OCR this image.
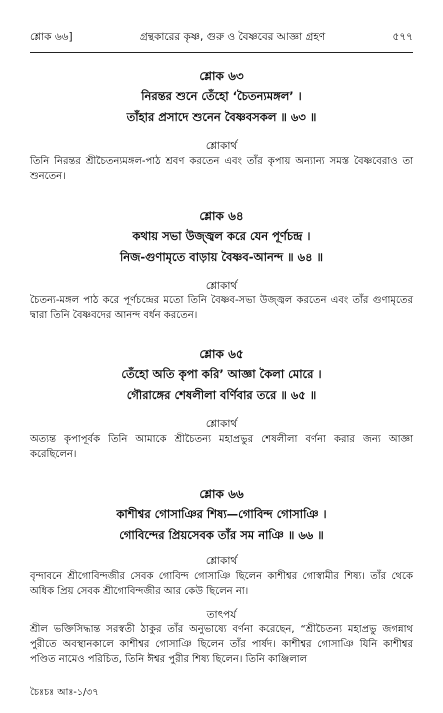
শ্লোক ৬৬]	গ্রন্থকারের কৃষ্ণ, গুরু ও বৈষ্ণবের আজ্ঞা গ্রহণ	৫৭৭
শ্লোক ৬৩
নিরন্তর শুনে তেঁহো ‘চৈতন্যমঙ্গল’ ।
তাঁহার প্রসাদে শুনেন বৈষ্ণবসকল ॥ ৬৩ ॥
শ্লোকার্থ
তিনি নিরন্তর শ্রীচৈতন্যমঙ্গল-পাঠ শ্রবণ করতেন এবং তাঁর কৃপায় অন্যান্য সমস্ত বৈষ্ণবেরাও তা শুনতেন।
শ্লোক ৬৪
কথায় সভা উজ্জ্বল করে যেন পূর্ণচন্দ্র ।
নিজ-গুণামৃতে বাড়ায় বৈষ্ণব-আনন্দ ॥ ৬৪ ॥
শ্লোকার্থ
চৈতন্য-মঙ্গল পাঠ করে পূর্ণচন্দ্রের মতো তিনি বৈষ্ণব-সভা উজ্জ্বল করতেন এবং তাঁর গুণামৃতের দ্বারা তিনি বৈষ্ণবদের আনন্দ বর্ধন করতেন।
শ্লোক ৬৫
তেঁহো অতি কৃপা করি’ আজ্ঞা কৈলা মোরে ।
গৌরাঙ্গের শেষলীলা বর্ণিবার তরে ॥ ৬৫ ॥
শ্লোকার্থ
অত্যন্ত কৃপাপূর্বক তিনি আমাকে শ্রীচৈতন্য মহাপ্রভুর শেষলীলা বর্ণনা করার জন্য আজ্ঞা করেছিলেন।
শ্লোক ৬৬
কাশীশ্বর গোসাঞির শিষ্য—গোবিন্দ গোসাঞি ।
গোবিন্দের প্রিয়সেবক তাঁর সম নাঞি ॥ ৬৬ ॥
শ্লোকার্থ
বৃন্দাবনে শ্রীগোবিন্দজীর সেবক গোবিন্দ গোসাঞি ছিলেন কাশীশ্বর গোস্বামীর শিষ্য। তাঁর থেকে অধিক প্রিয় সেবক শ্রীগোবিন্দজীর আর কেউ ছিলেন না।
তাৎপর্য
শ্রীল ভক্তিসিদ্ধান্ত সরস্বতী ঠাকুর তাঁর অনুভাষ্যে বর্ণনা করেছেন, “শ্রীচৈতন্য মহাপ্রভু জগন্নাথ পুরীতে অবস্থানকালে কাশীশ্বর গোসাঞি ছিলেন তাঁর পার্ষদ। কাশীশ্বর গোসাঞি যিনি কাশীশ্বর পণ্ডিত নামেও পরিচিত, তিনি ঈশ্বর পুরীর শিষ্য ছিলেন। তিনি কাঞ্জিলাল
চৈঃচঃ আঃ-১/৩৭
